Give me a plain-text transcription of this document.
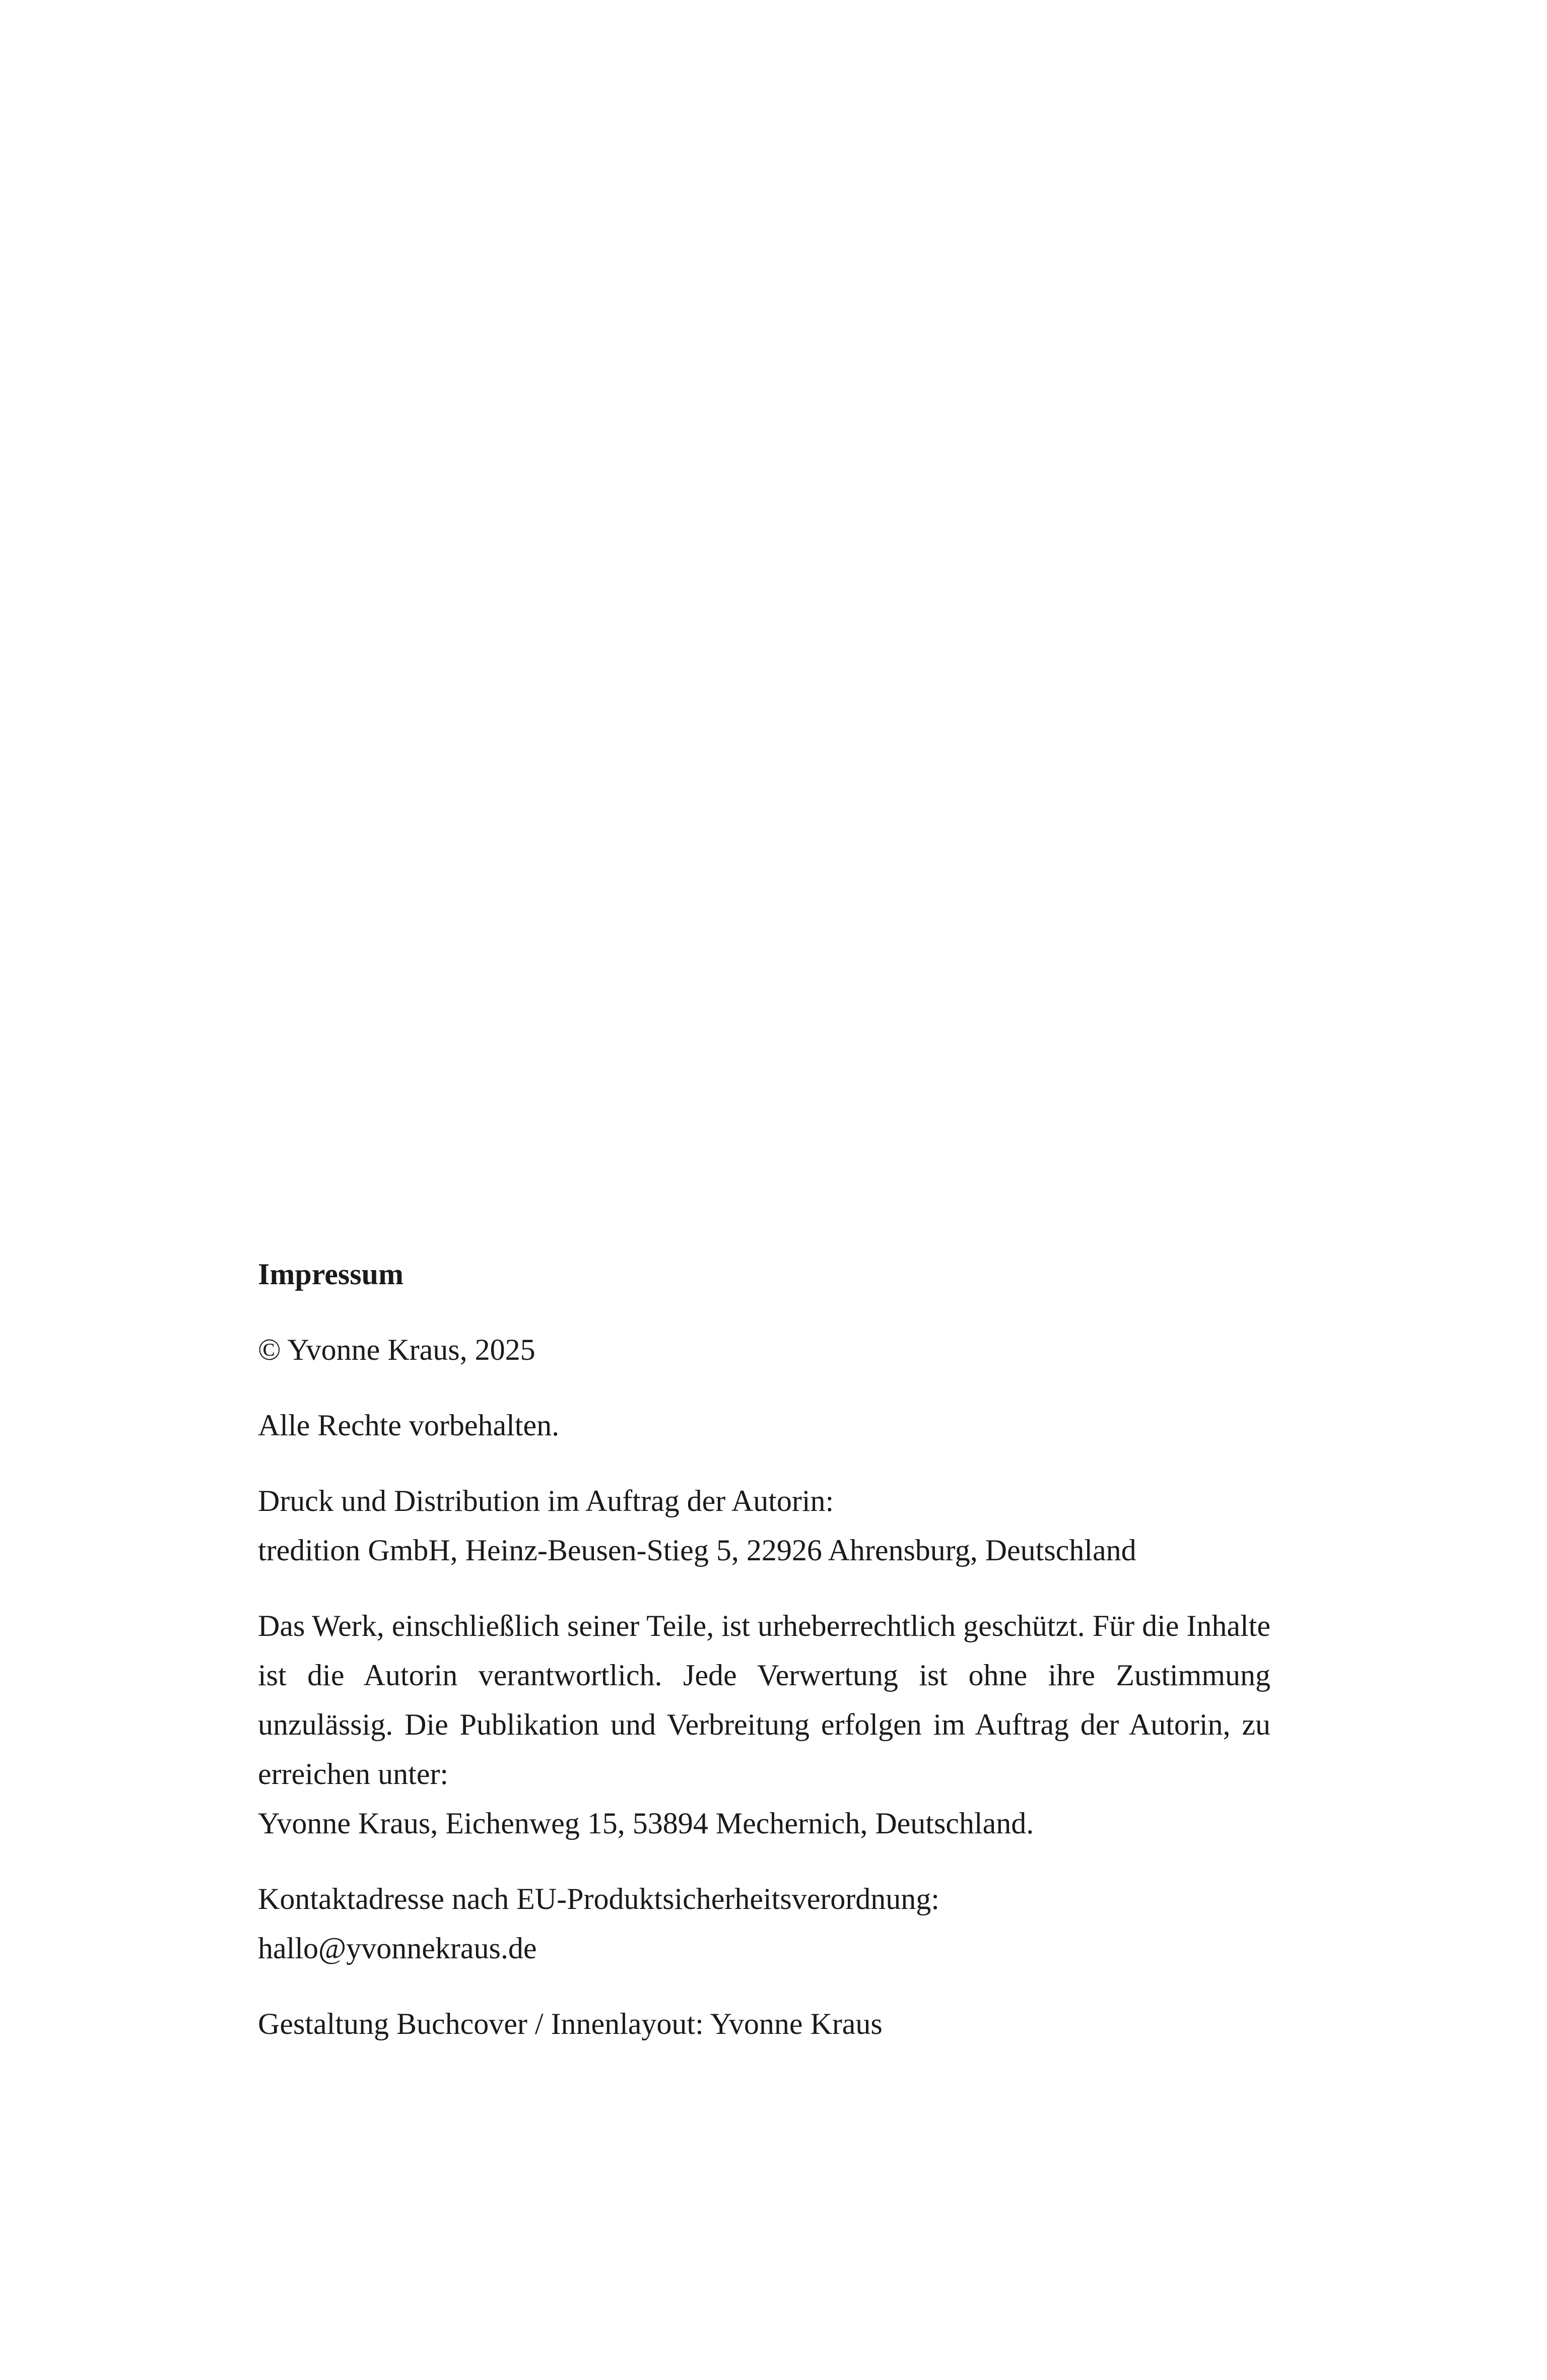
Impressum

© Yvonne Kraus, 2025

Alle Rechte vorbehalten.

Druck und Distribution im Auftrag der Autorin:

tredition GmbH, Heinz-Beusen-Stieg 5, 22926 Ahrensburg, Deutschland

Das Werk, einschließlich seiner Teile, ist urheberrechtlich geschützt. Für die Inhalte ist die Autorin verantwortlich. Jede Verwertung ist ohne ihre Zustimmung unzulässig. Die Publikation und Verbreitung erfolgen im Auftrag der Autorin, zu erreichen unter:

Yvonne Kraus, Eichenweg 15, 53894 Mechernich, Deutschland.

Kontaktadresse nach EU-Produktsicherheitsverordnung:

hallo@yvonnekraus.de

Gestaltung Buchcover / Innenlayout: Yvonne Kraus
